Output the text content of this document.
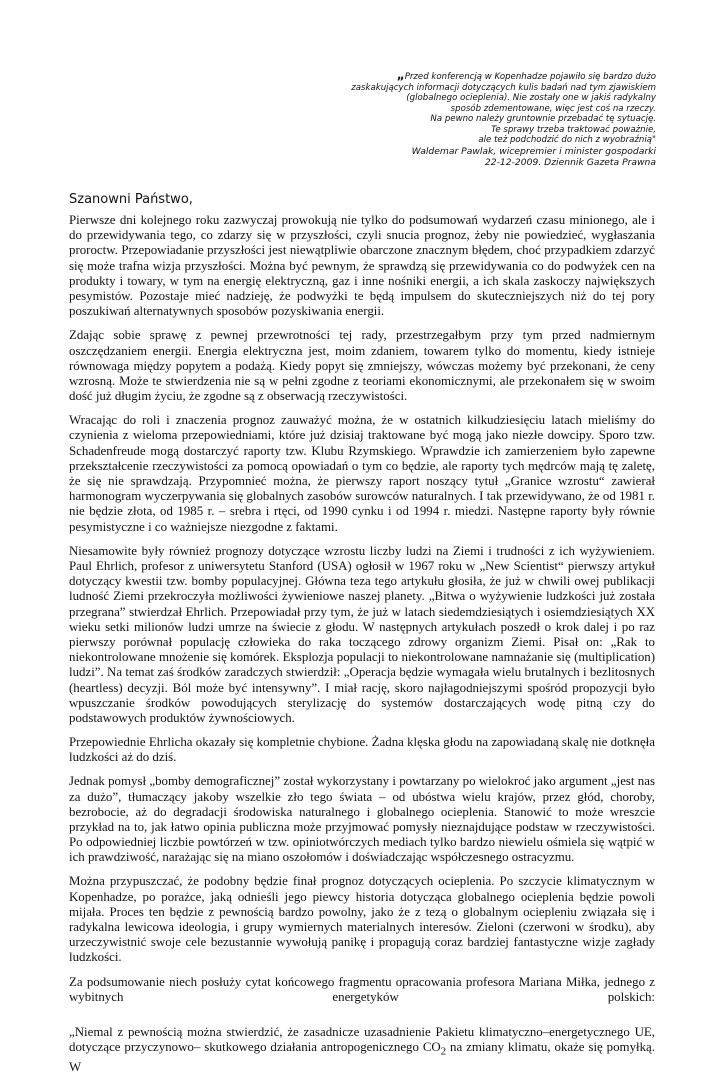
„Przed konferencją w Kopenhadze pojawiło się bardzo dużo
zaskakujących informacji dotyczących kulis badań nad tym zjawiskiem
(globalnego ocieplenia). Nie zostały one w jakiś radykalny
sposób zdementowane, więc jest coś na rzeczy.
Na pewno należy gruntownie przebadać tę sytuację.
Te sprawy trzeba traktować poważnie,
ale też podchodzić do nich z wyobraźnią"
Waldemar Pawlak, wicepremier i minister gospodarki
22-12-2009. Dziennik Gazeta Prawna
Szanowni Państwo,

Pierwsze dni kolejnego roku zazwyczaj prowokują nie tylko do podsumowań wydarzeń czasu minionego, ale i do przewidywania tego, co zdarzy się w przyszłości, czyli snucia prognoz, żeby nie powiedzieć, wygłaszania proroctw. Przepowiadanie przyszłości jest niewątpliwie obarczone znacznym błędem, choć przypadkiem zdarzyć się może trafna wizja przyszłości. Można być pewnym, że sprawdzą się przewidywania co do podwyżek cen na produkty i towary, w tym na energię elektryczną, gaz i inne nośniki energii, a ich skala zaskoczy największych pesymistów. Pozostaje mieć nadzieję, że podwyżki te będą impulsem do skuteczniejszych niż do tej pory poszukiwań alternatywnych sposobów pozyskiwania energii.

Zdając sobie sprawę z pewnej przewrotności tej rady, przestrzegałbym przy tym przed nadmiernym oszczędzaniem energii. Energia elektryczna jest, moim zdaniem, towarem tylko do momentu, kiedy istnieje równowaga między popytem a podażą. Kiedy popyt się zmniejszy, wówczas możemy być przekonani, że ceny wzrosną. Może te stwierdzenia nie są w pełni zgodne z teoriami ekonomicznymi, ale przekonałem się w swoim dość już długim życiu, że zgodne są z obserwacją rzeczywistości.

Wracając do roli i znaczenia prognoz zauważyć można, że w ostatnich kilkudziesięciu latach mieliśmy do czynienia z wieloma przepowiedniami, które już dzisiaj traktowane być mogą jako niezłe dowcipy. Sporo tzw. Schadenfreude mogą dostarczyć raporty tzw. Klubu Rzymskiego. Wprawdzie ich zamierzeniem było zapewne przekształcenie rzeczywistości za pomocą opowiadań o tym co będzie, ale raporty tych mędrców mają tę zaletę, że się nie sprawdzają. Przypomnieć można, że pierwszy raport noszący tytuł „Granice wzrostu“ zawierał harmonogram wyczerpywania się globalnych zasobów surowców naturalnych. I tak przewidywano, że od 1981 r. nie będzie złota, od 1985 r. – srebra i rtęci, od 1990 cynku i od 1994 r. miedzi. Następne raporty były równie pesymistyczne i co ważniejsze niezgodne z faktami.

Niesamowite były również prognozy dotyczące wzrostu liczby ludzi na Ziemi i trudności z ich wyżywieniem. Paul Ehrlich, profesor z uniwersytetu Stanford (USA) ogłosił w 1967 roku w „New Scientist“ pierwszy artykuł dotyczący kwestii tzw. bomby populacyjnej. Główna teza tego artykułu głosiła, że już w chwili owej publikacji ludność Ziemi przekroczyła możliwości żywieniowe naszej planety. „Bitwa o wyżywienie ludzkości już została przegrana” stwierdzał Ehrlich. Przepowiadał przy tym, że już w latach siedemdziesiątych i osiemdziesiątych XX wieku setki milionów ludzi umrze na świecie z głodu. W następnych artykułach poszedł o krok dalej i po raz pierwszy porównał populację człowieka do raka toczącego zdrowy organizm Ziemi. Pisał on: „Rak to niekontrolowane mnożenie się komórek. Eksplozja populacji to niekontrolowane namnażanie się (multiplication) ludzi”. Na temat zaś środków zaradczych stwierdził: „Operacja będzie wymagała wielu brutalnych i bezlitosnych (heartless) decyzji. Ból może być intensywny”. I miał rację, skoro najłagodniejszymi spośród propozycji było wpuszczanie środków powodujących sterylizację do systemów dostarczających wodę pitną czy do podstawowych produktów żywnościowych.

Przepowiednie Ehrlicha okazały się kompletnie chybione. Żadna klęska głodu na zapowiadaną skalę nie dotknęła ludzkości aż do dziś.

Jednak pomysł „bomby demograficznej” został wykorzystany i powtarzany po wielokroć jako argument „jest nas za dużo”, tłumaczący jakoby wszelkie zło tego świata – od ubóstwa wielu krajów, przez głód, choroby, bezrobocie, aż do degradacji środowiska naturalnego i globalnego ocieplenia. Stanowić to może wreszcie przykład na to, jak łatwo opinia publiczna może przyjmować pomysły nieznajdujące podstaw w rzeczywistości. Po odpowiedniej liczbie powtórzeń w tzw. opiniotwórczych mediach tylko bardzo niewielu ośmiela się wątpić w ich prawdziwość, narażając się na miano oszołomów i doświadczając współczesnego ostracyzmu.

Można przypuszczać, że podobny będzie finał prognoz dotyczących ocieplenia. Po szczycie klimatycznym w Kopenhadze, po porażce, jaką odnieśli jego piewcy historia dotycząca globalnego ocieplenia będzie powoli mijała. Proces ten będzie z pewnością bardzo powolny, jako że z tezą o globalnym ociepleniu związała się i radykalna lewicowa ideologia, i grupy wymiernych materialnych interesów. Zieloni (czerwoni w środku), aby urzeczywistnić swoje cele bezustannie wywołują panikę i propagują coraz bardziej fantastyczne wizje zagłady ludzkości.

Za podsumowanie niech posłuży cytat końcowego fragmentu opracowania profesora Mariana Miłka, jednego z
wybitnych	energetyków	polskich:

„Niemal z pewnością można stwierdzić, że zasadnicze uzasadnienie Pakietu klimatyczno–energetycznego UE, dotyczące przyczynowo– skutkowego działania antropogenicznego $CO_2$ na zmiany klimatu, okaże się pomyłką. W
